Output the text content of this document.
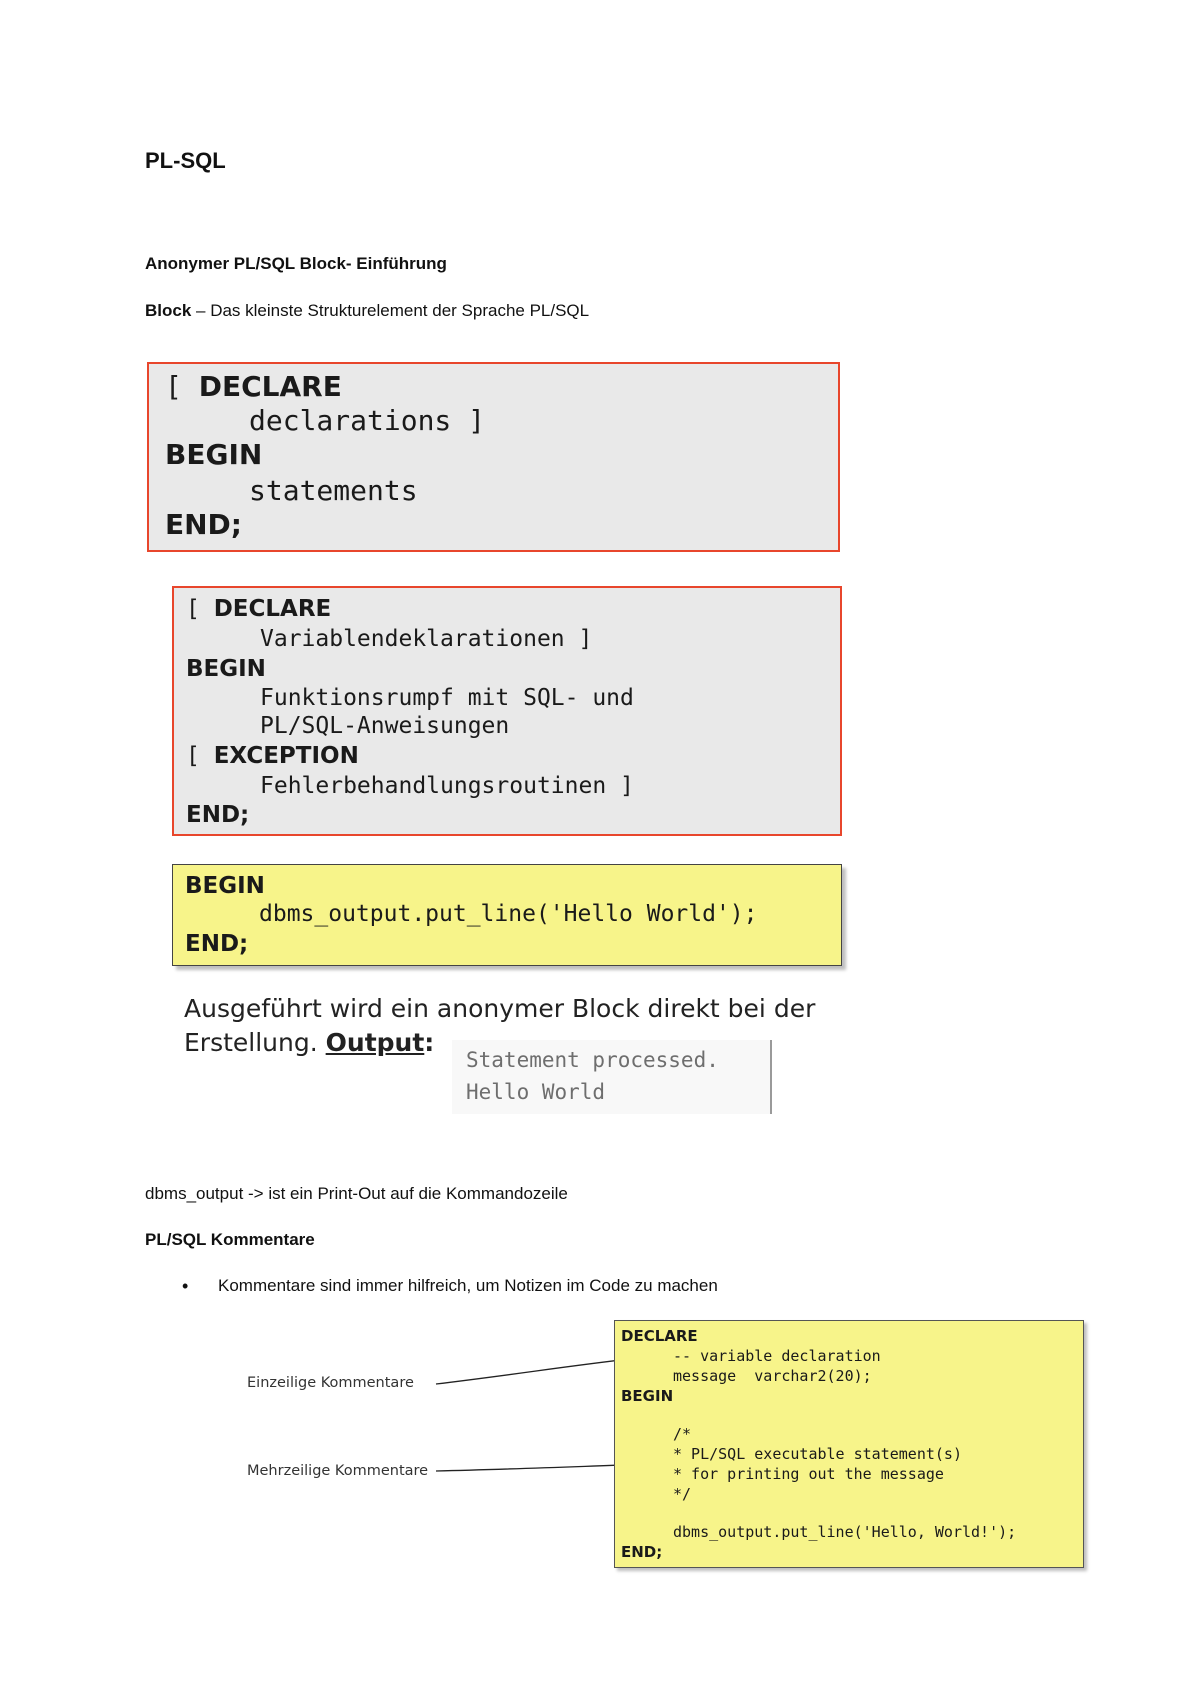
PL-SQL
Anonymer PL/SQL Block- Einführung
Block – Das kleinste Strukturelement der Sprache PL/SQL
[ DECLARE
declarations ]
BEGIN
statements
END;
[ DECLARE
Variablendeklarationen ]
BEGIN
Funktionsrumpf mit SQL- und
PL/SQL-Anweisungen
[ EXCEPTION
Fehlerbehandlungsroutinen ]
END;
BEGIN
dbms_output.put_line('Hello World');
END;
Ausgeführt wird ein anonymer Block direkt bei der
Erstellung. Output:
Statement processed.
Hello World
dbms_output -> ist ein Print-Out auf die Kommandozeile
PL/SQL Kommentare
• Kommentare sind immer hilfreich, um Notizen im Code zu machen
Einzeilige Kommentare
Mehrzeilige Kommentare
DECLARE
-- variable declaration
message  varchar2(20);
BEGIN
/*
* PL/SQL executable statement(s)
* for printing out the message
*/
dbms_output.put_line('Hello, World!');
END;
